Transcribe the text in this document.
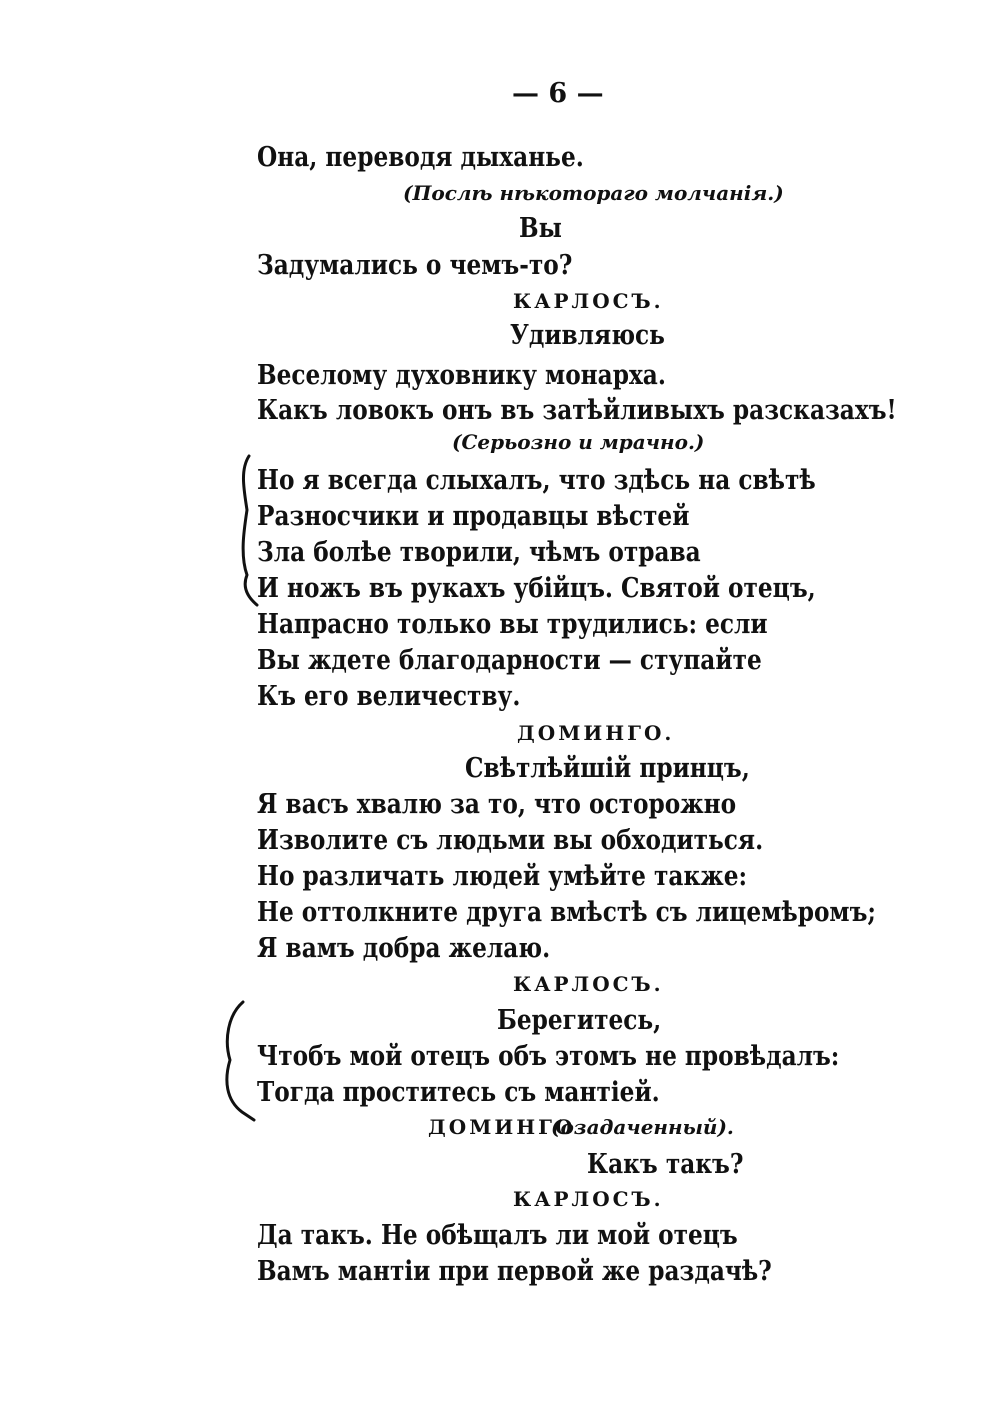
— 6 —
Она, переводя дыханье.
(Послѣ нѣкотораго молчанія.)
Вы
Задумались о чемъ-то?
КАРЛОСЪ.
Удивляюсь
Веселому духовнику монарха.
Какъ ловокъ онъ въ затѣйливыхъ разсказахъ!
(Серьозно и мрачно.)
Но я всегда слыхалъ, что здѣсь на свѣтѣ
Разносчики и продавцы вѣстей
Зла болѣе творили, чѣмъ отрава
И ножъ въ рукахъ убійцъ. Святой отецъ,
Напрасно только вы трудились: если
Вы ждете благодарности — ступайте
Къ его величеству.
ДОМИНГО.
Свѣтлѣйшій принцъ,
Я васъ хвалю за то, что осторожно
Изволите съ людьми вы обходиться.
Но различать людей умѣйте также:
Не оттолкните друга вмѣстѣ съ лицемѣромъ;
Я вамъ добра желаю.
КАРЛОСЪ.
Берегитесь,
Чтобъ мой отецъ объ этомъ не провѣдалъ:
Тогда проститесь съ мантіей.
ДОМИНГО
(озадаченный).
Какъ такъ?
КАРЛОСЪ.
Да такъ. Не обѣщалъ ли мой отецъ
Вамъ мантіи при первой же раздачѣ?
